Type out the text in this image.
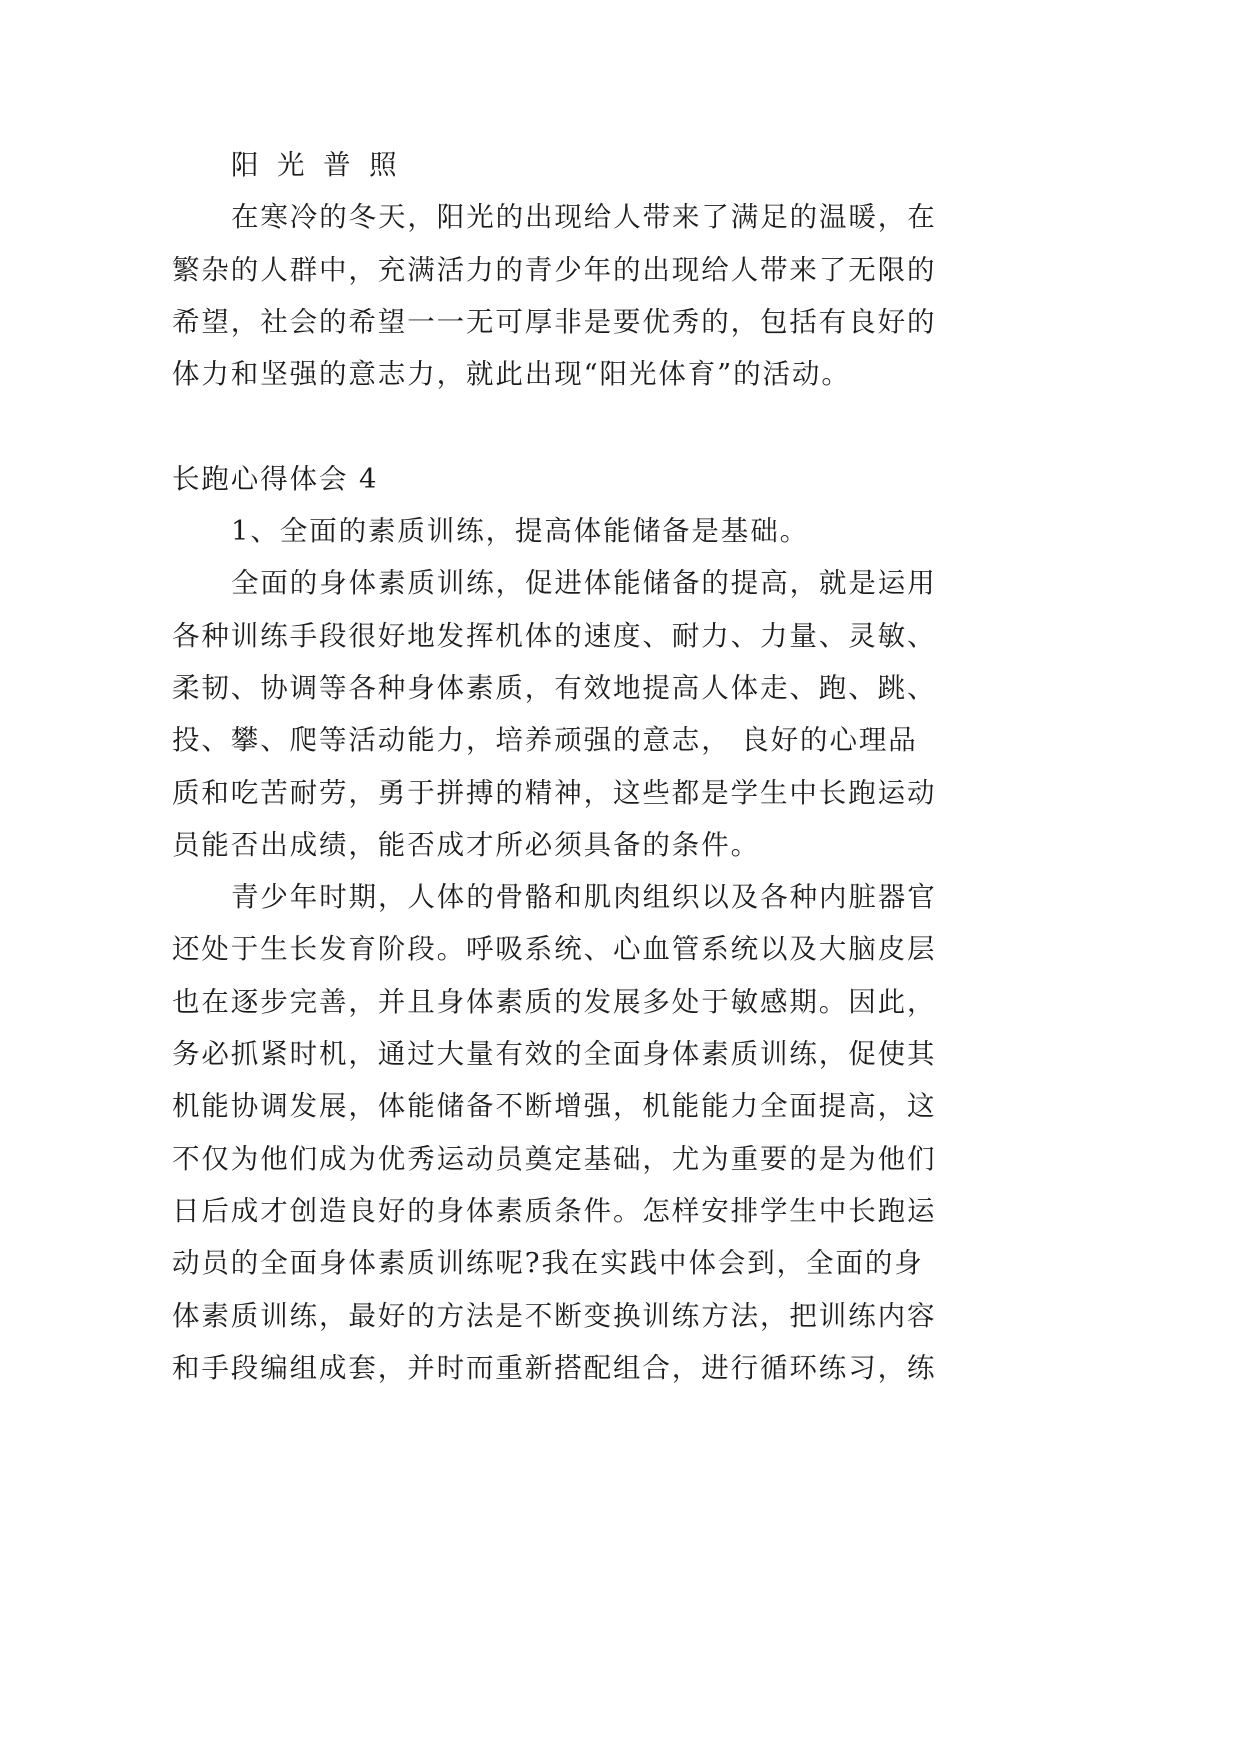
阳 光 普 照
在寒冷的冬天，阳光的出现给人带来了满足的温暖，在
繁杂的人群中，充满活力的青少年的出现给人带来了无限的
希望，社会的希望一一无可厚非是要优秀的，包括有良好的
体力和坚强的意志力，就此出现“阳光体育”的活动。
长跑心得体会 4
1、全面的素质训练，提高体能储备是基础。
全面的身体素质训练，促进体能储备的提高，就是运用
各种训练手段很好地发挥机体的速度、耐力、力量、灵敏、
柔韧、协调等各种身体素质，有效地提高人体走、跑、跳、
投、攀、爬等活动能力，培养顽强的意志， 良好的心理品
质和吃苦耐劳，勇于拼搏的精神，这些都是学生中长跑运动
员能否出成绩，能否成才所必须具备的条件。
青少年时期，人体的骨骼和肌肉组织以及各种内脏器官
还处于生长发育阶段。呼吸系统、心血管系统以及大脑皮层
也在逐步完善，并且身体素质的发展多处于敏感期。因此，
务必抓紧时机，通过大量有效的全面身体素质训练，促使其
机能协调发展，体能储备不断增强，机能能力全面提高，这
不仅为他们成为优秀运动员奠定基础，尤为重要的是为他们
日后成才创造良好的身体素质条件。怎样安排学生中长跑运
动员的全面身体素质训练呢?我在实践中体会到，全面的身
体素质训练，最好的方法是不断变换训练方法，把训练内容
和手段编组成套，并时而重新搭配组合，进行循环练习，练
